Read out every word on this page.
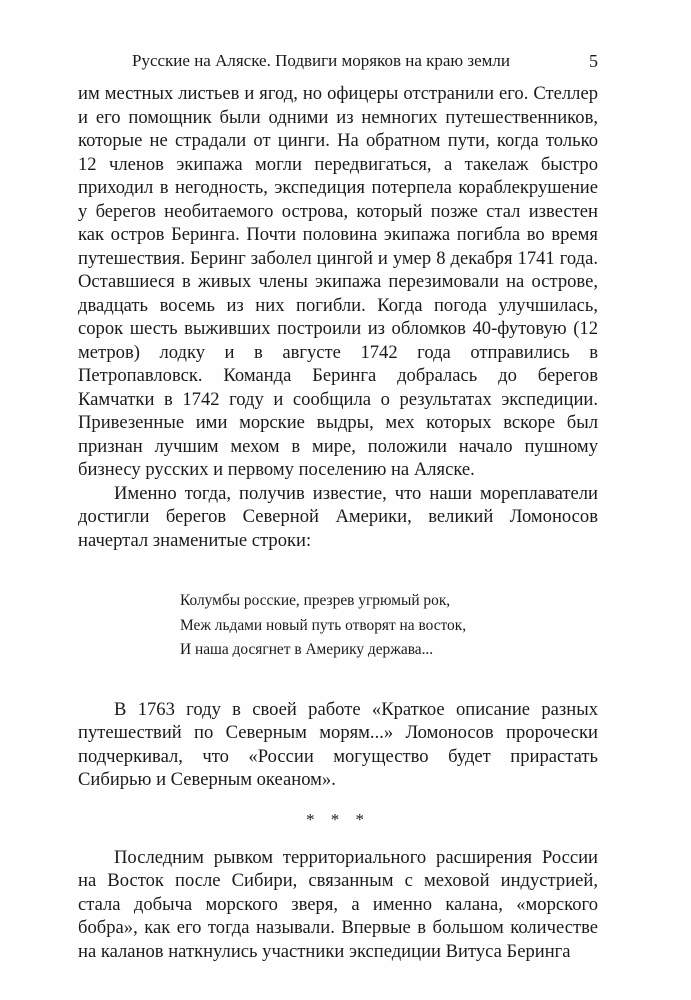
Русские на Аляске. Подвиги моряков на краю земли	5

им местных листьев и ягод, но офицеры отстранили его. Стеллер и его помощник были одними из немногих путешественников, которые не страдали от цинги. На обратном пути, когда только 12 членов экипажа могли передвигаться, а такелаж быстро приходил в негодность, экспедиция потерпела кораблекрушение у берегов необитаемого острова, который позже стал известен как остров Беринга. Почти половина экипажа погибла во время путешествия. Беринг заболел цингой и умер 8 декабря 1741 года. Оставшиеся в живых члены экипажа перезимовали на острове, двадцать восемь из них погибли. Когда погода улучшилась, сорок шесть выживших построили из обломков 40-футовую (12 метров) лодку и в августе 1742 года отправились в Петропавловск. Команда Беринга добралась до берегов Камчатки в 1742 году и сообщила о результатах экспедиции. Привезенные ими морские выдры, мех которых вскоре был признан лучшим мехом в мире, положили начало пушному бизнесу русских и первому поселению на Аляске.

Именно тогда, получив известие, что наши мореплаватели достигли берегов Северной Америки, великий Ломоносов начертал знаменитые строки:

Колумбы росские, презрев угрюмый рок,
Меж льдами новый путь отворят на восток,
И наша досягнет в Америку держава...

В 1763 году в своей работе «Краткое описание разных путешествий по Северным морям...» Ломоносов пророчески подчеркивал, что «России могущество будет прирастать Сибирью и Северным океаном».

* * *

Последним рывком территориального расширения России на Восток после Сибири, связанным с меховой индустрией, стала добыча морского зверя, а именно калана, «морского бобра», как его тогда называли. Впервые в большом количестве на каланов наткнулись участники экспедиции Витуса Беринга
